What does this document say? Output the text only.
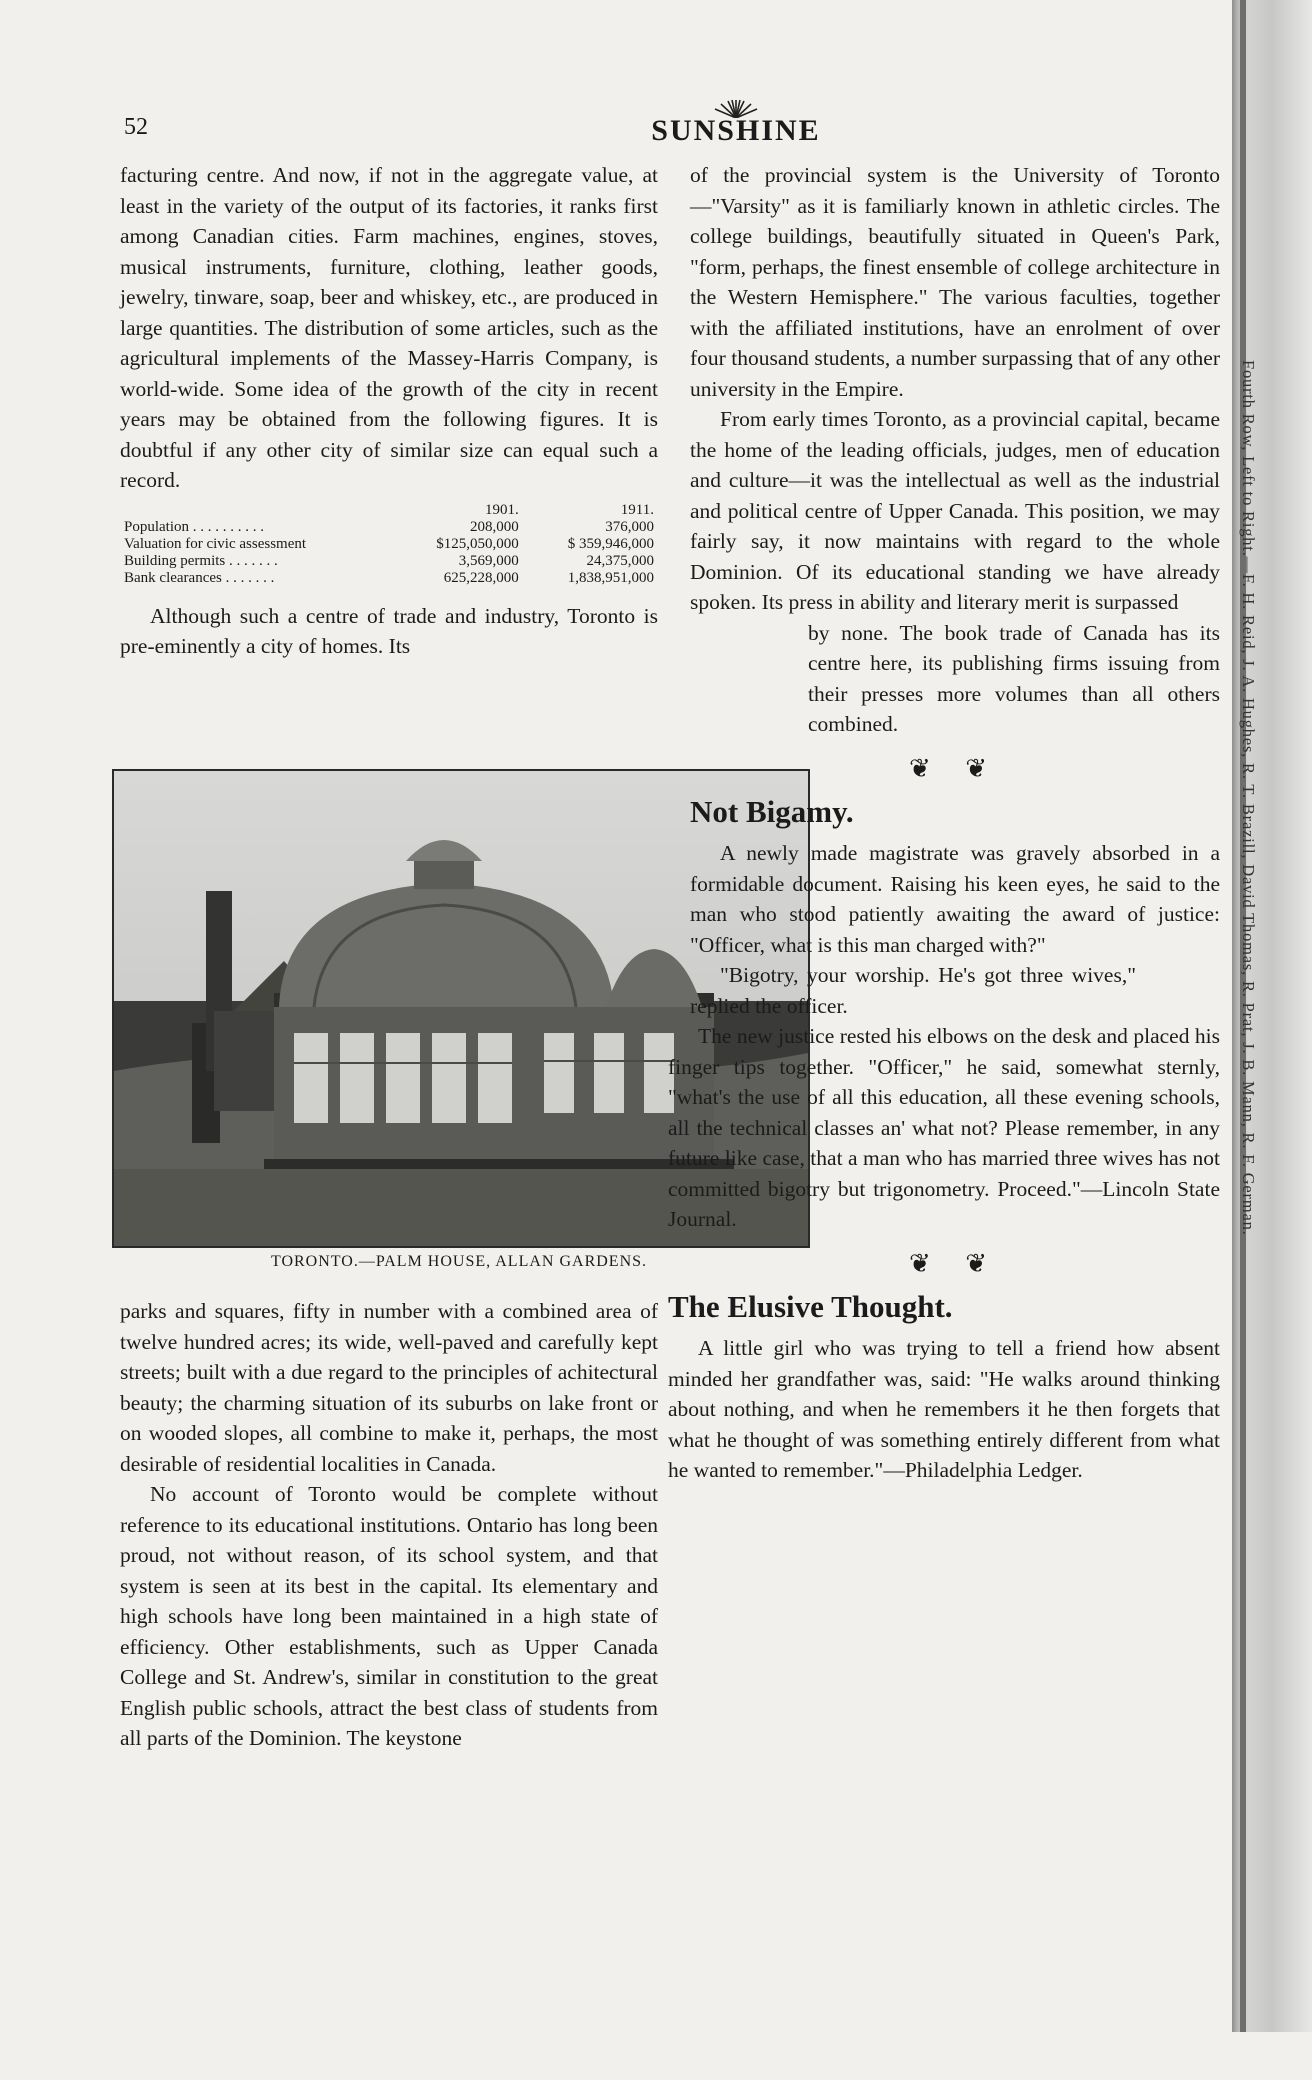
52	SUNSHINE

facturing centre. And now, if not in the aggregate value, at least in the variety of the output of its factories, it ranks first among Canadian cities. Farm machines, engines, stoves, musical instruments, furniture, clothing, leather goods, jewelry, tinware, soap, beer and whiskey, etc., are produced in large quantities. The distribution of some articles, such as the agricultural implements of the Massey-Harris Company, is world-wide. Some idea of the growth of the city in recent years may be obtained from the following figures. It is doubtful if any other city of similar size can equal such a record.

	1901.	1911.
Population . . . . . . . . . .	208,000	376,000
Valuation for civic assessment	$125,050,000	$ 359,946,000
Building permits . . . . . . .	3,569,000	24,375,000
Bank clearances . . . . . . .	625,228,000	1,838,951,000

Although such a centre of trade and industry, Toronto is pre-eminently a city of homes. Its

TORONTO.—PALM HOUSE, ALLAN GARDENS.

parks and squares, fifty in number with a combined area of twelve hundred acres; its wide, well-paved and carefully kept streets; built with a due regard to the principles of achitectural beauty; the charming situation of its suburbs on lake front or on wooded slopes, all combine to make it, perhaps, the most desirable of residential localities in Canada.

No account of Toronto would be complete without reference to its educational institutions. Ontario has long been proud, not without reason, of its school system, and that system is seen at its best in the capital. Its elementary and high schools have long been maintained in a high state of efficiency. Other establishments, such as Upper Canada College and St. Andrew's, similar in constitution to the great English public schools, attract the best class of students from all parts of the Dominion. The keystone

of the provincial system is the University of Toronto—"Varsity" as it is familiarly known in athletic circles. The college buildings, beautifully situated in Queen's Park, "form, perhaps, the finest ensemble of college architecture in the Western Hemisphere." The various faculties, together with the affiliated institutions, have an enrolment of over four thousand students, a number surpassing that of any other university in the Empire.

From early times Toronto, as a provincial capital, became the home of the leading officials, judges, men of education and culture—it was the intellectual as well as the industrial and political centre of Upper Canada. This position, we may fairly say, it now maintains with regard to the whole Dominion. Of its educational standing we have already spoken. Its press in ability and literary merit is surpassed

by none. The book trade of Canada has its centre here, its publishing firms issuing from their presses more volumes than all others combined.

❦ ❦
Not Bigamy.

A newly made magistrate was gravely absorbed in a formidable document. Raising his keen eyes, he said to the man who stood patiently awaiting the award of justice: "Officer, what is this man charged with?"

"Bigotry, your worship. He's got three wives," replied the officer.

The new justice rested his elbows on the desk and placed his finger tips together. "Officer," he said, somewhat sternly, "what's the use of all this education, all these evening schools, all the technical classes an' what not? Please remember, in any future like case, that a man who has married three wives has not committed bigotry but trigonometry. Proceed."—Lincoln State Journal.

❦ ❦
The Elusive Thought.

A little girl who was trying to tell a friend how absent minded her grandfather was, said: "He walks around thinking about nothing, and when he remembers it he then forgets that what he thought of was something entirely different from what he wanted to remember."—Philadelphia Ledger.

Fourth Row, Left to Right.—F. H. Reid, J. A. Hughes, R. T. Brazill, David Thomas, R. Prat, J. B. Mann, R. F. German.
